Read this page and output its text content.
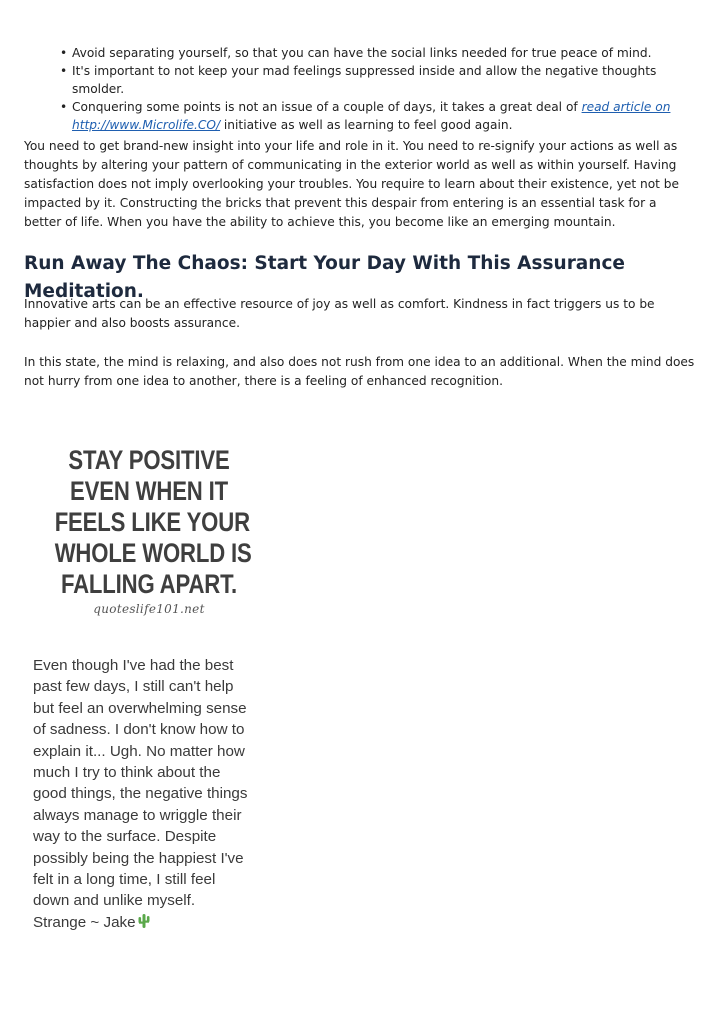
• Avoid separating yourself, so that you can have the social links needed for true peace of mind.
• It's important to not keep your mad feelings suppressed inside and allow the negative thoughts smolder.
• Conquering some points is not an issue of a couple of days, it takes a great deal of read article on http://www.Microlife.CO/ initiative as well as learning to feel good again.

You need to get brand-new insight into your life and role in it. You need to re-signify your actions as well as thoughts by altering your pattern of communicating in the exterior world as well as within yourself. Having satisfaction does not imply overlooking your troubles. You require to learn about their existence, yet not be impacted by it. Constructing the bricks that prevent this despair from entering is an essential task for a better of life. When you have the ability to achieve this, you become like an emerging mountain.

Run Away The Chaos: Start Your Day With This Assurance Meditation.

Innovative arts can be an effective resource of joy as well as comfort. Kindness in fact triggers us to be happier and also boosts assurance.

In this state, the mind is relaxing, and also does not rush from one idea to an additional. When the mind does not hurry from one idea to another, there is a feeling of enhanced recognition.

STAY POSITIVE
EVEN WHEN IT
FEELS LIKE YOUR
WHOLE WORLD IS
FALLING APART.
quoteslife101.net
Even though I've had the best
past few days, I still can't help
but feel an overwhelming sense
of sadness. I don't know how to
explain it... Ugh. No matter how
much I try to think about the
good things, the negative things
always manage to wriggle their
way to the surface. Despite
possibly being the happiest I've
felt in a long time, I still feel
down and unlike myself.
Strange ~ Jake
